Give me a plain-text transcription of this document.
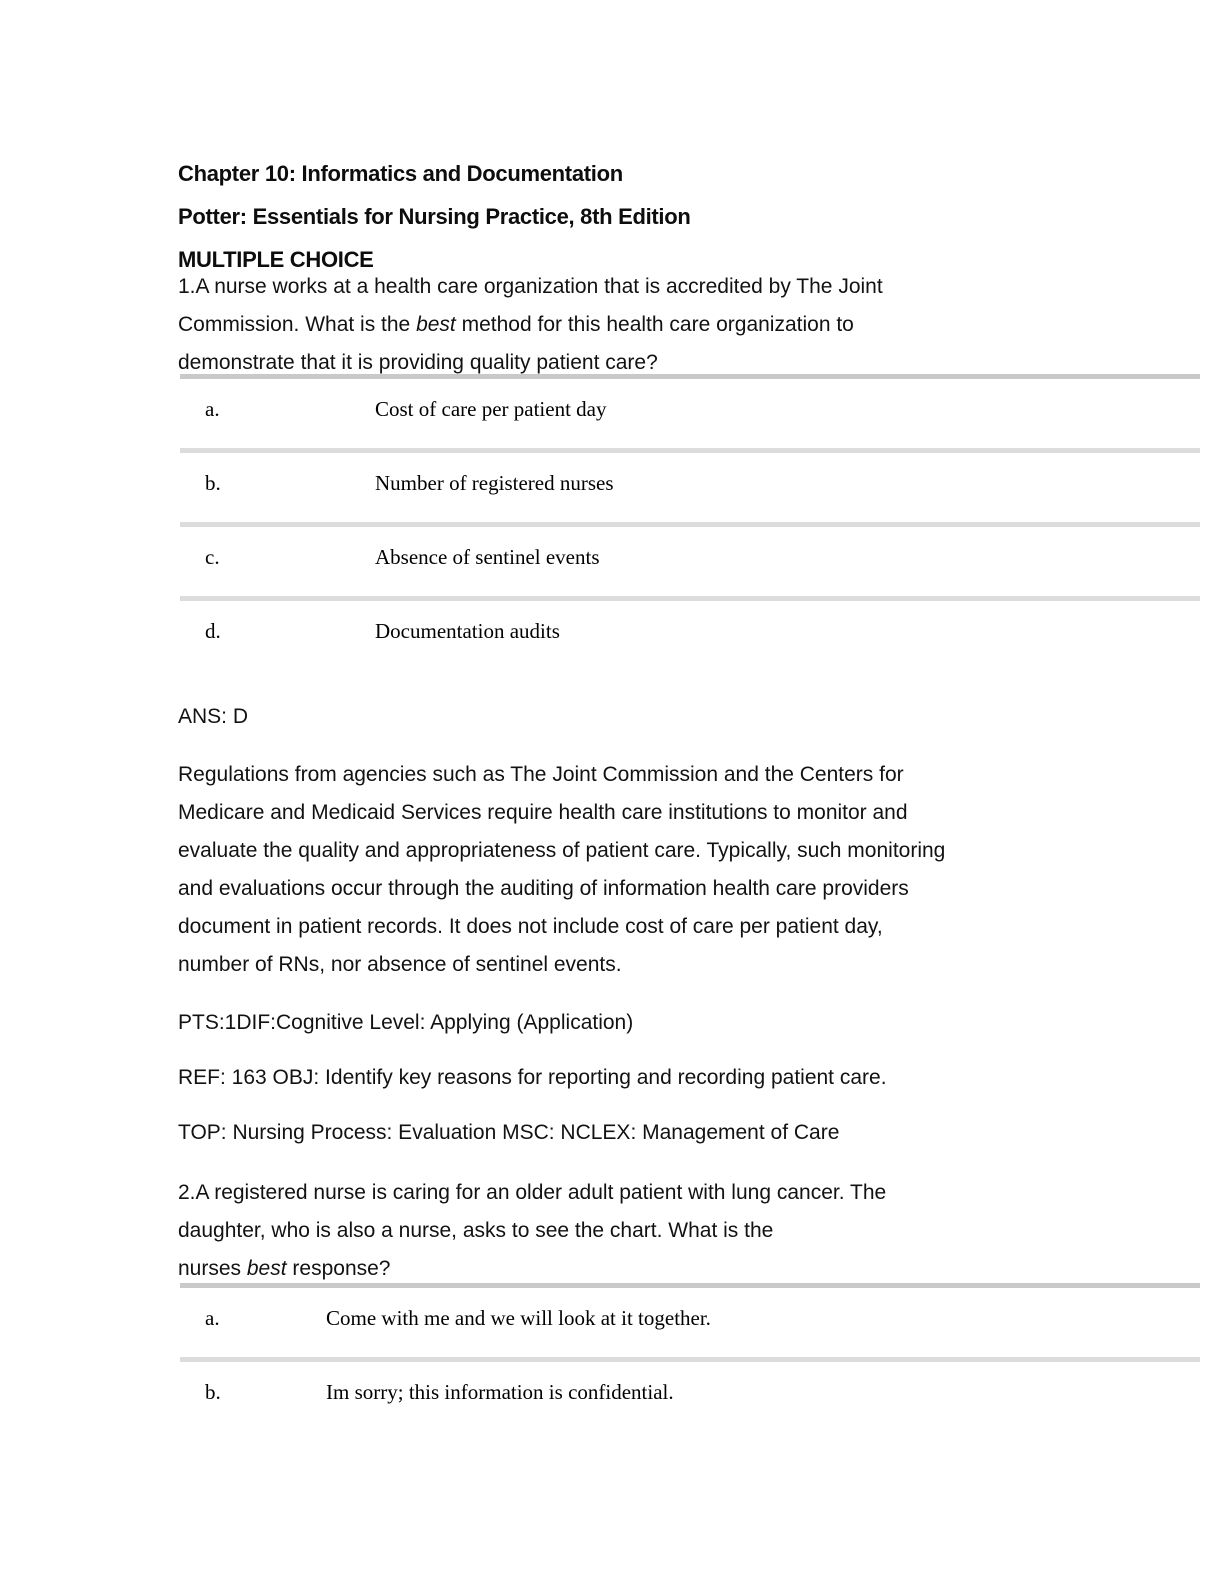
Chapter 10: Informatics and Documentation

Potter: Essentials for Nursing Practice, 8th Edition

MULTIPLE CHOICE

1.A nurse works at a health care organization that is accredited by The Joint
Commission. What is the best method for this health care organization to
demonstrate that it is providing quality patient care?
a.	Cost of care per patient day
b.	Number of registered nurses
c.	Absence of sentinel events
d.	Documentation audits
ANS: D
Regulations from agencies such as The Joint Commission and the Centers for
Medicare and Medicaid Services require health care institutions to monitor and
evaluate the quality and appropriateness of patient care. Typically, such monitoring
and evaluations occur through the auditing of information health care providers
document in patient records. It does not include cost of care per patient day,
number of RNs, nor absence of sentinel events.
PTS:1DIF:Cognitive Level: Applying (Application)
REF: 163 OBJ: Identify key reasons for reporting and recording patient care.
TOP: Nursing Process: Evaluation MSC: NCLEX: Management of Care
2.A registered nurse is caring for an older adult patient with lung cancer. The
daughter, who is also a nurse, asks to see the chart. What is the
nurses best response?
a.	Come with me and we will look at it together.
b.	Im sorry; this information is confidential.
